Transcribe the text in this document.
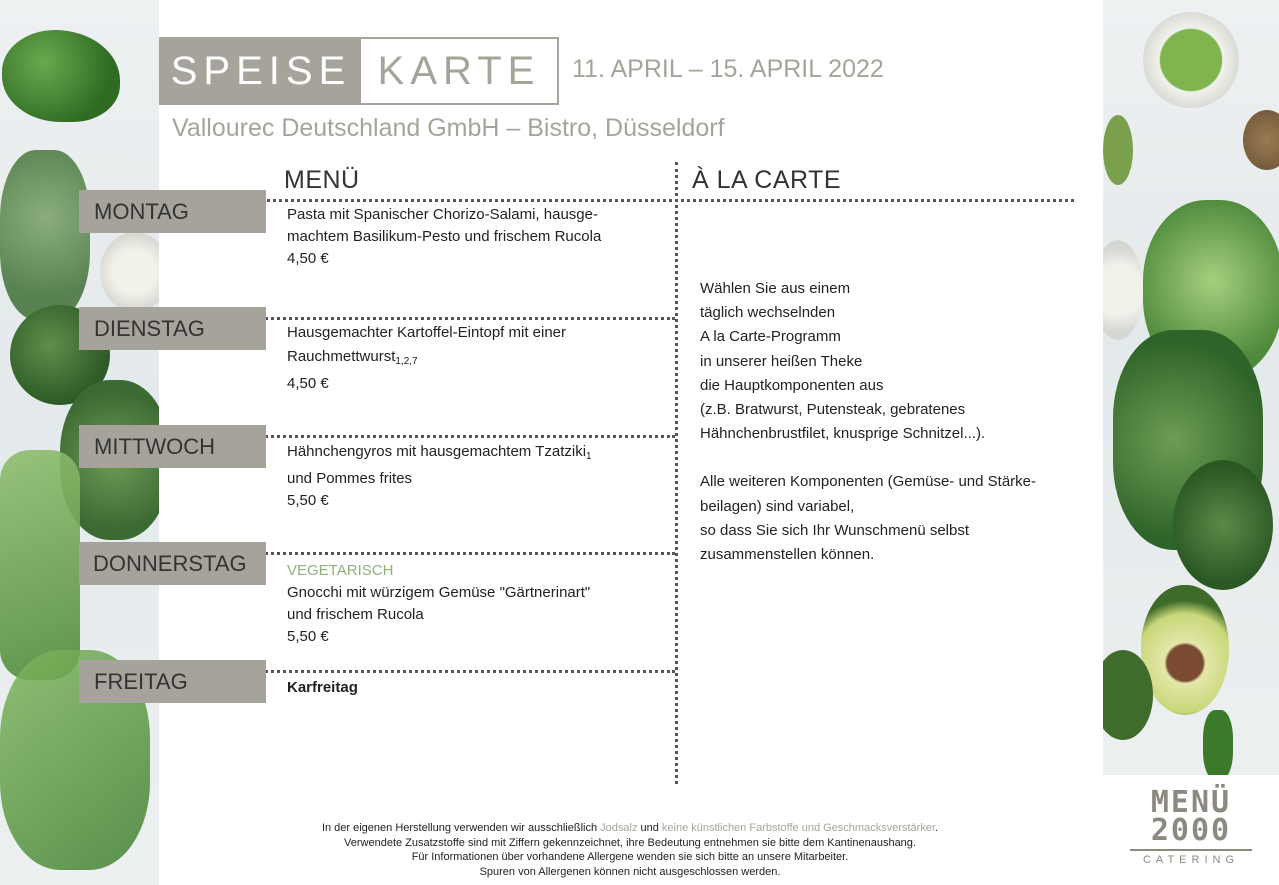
SPEISE KARTE	11. APRIL – 15. APRIL 2022
Vallourec Deutschland GmbH – Bistro, Düsseldorf
MENÜ	À LA CARTE
MONTAG
DIENSTAG
MITTWOCH
DONNERSTAG
FREITAG
Pasta mit Spanischer Chorizo-Salami, hausge-
machtem Basilikum-Pesto und frischem Rucola
4,50 €
Hausgemachter Kartoffel-Eintopf mit einer
Rauchmettwurst$_{1,2,7}$
4,50 €
Hähnchengyros mit hausgemachtem Tzatziki$_1$
und Pommes frites
5,50 €
VEGETARISCH
Gnocchi mit würzigem Gemüse "Gärtnerinart"
und frischem Rucola
5,50 €
Karfreitag

Wählen Sie aus einem

täglich wechselnden

A la Carte-Programm

in unserer heißen Theke

die Hauptkomponenten aus

(z.B. Bratwurst, Putensteak, gebratenes

Hähnchenbrustfilet, knusprige Schnitzel...).

Alle weiteren Komponenten (Gemüse- und Stärke-

beilagen) sind variabel,

so dass Sie sich Ihr Wunschmenü selbst

zusammenstellen können.

In der eigenen Herstellung verwenden wir ausschließlich Jodsalz und keine künstlichen Farbstoffe und Geschmacksverstärker.
Verwendete Zusatzstoffe sind mit Ziffern gekennzeichnet, ihre Bedeutung entnehmen sie bitte dem Kantinenaushang.
Für Informationen über vorhandene Allergene wenden sie sich bitte an unsere Mitarbeiter.
Spuren von Allergenen können nicht ausgeschlossen werden.
MENÜ
2000
CATERING
